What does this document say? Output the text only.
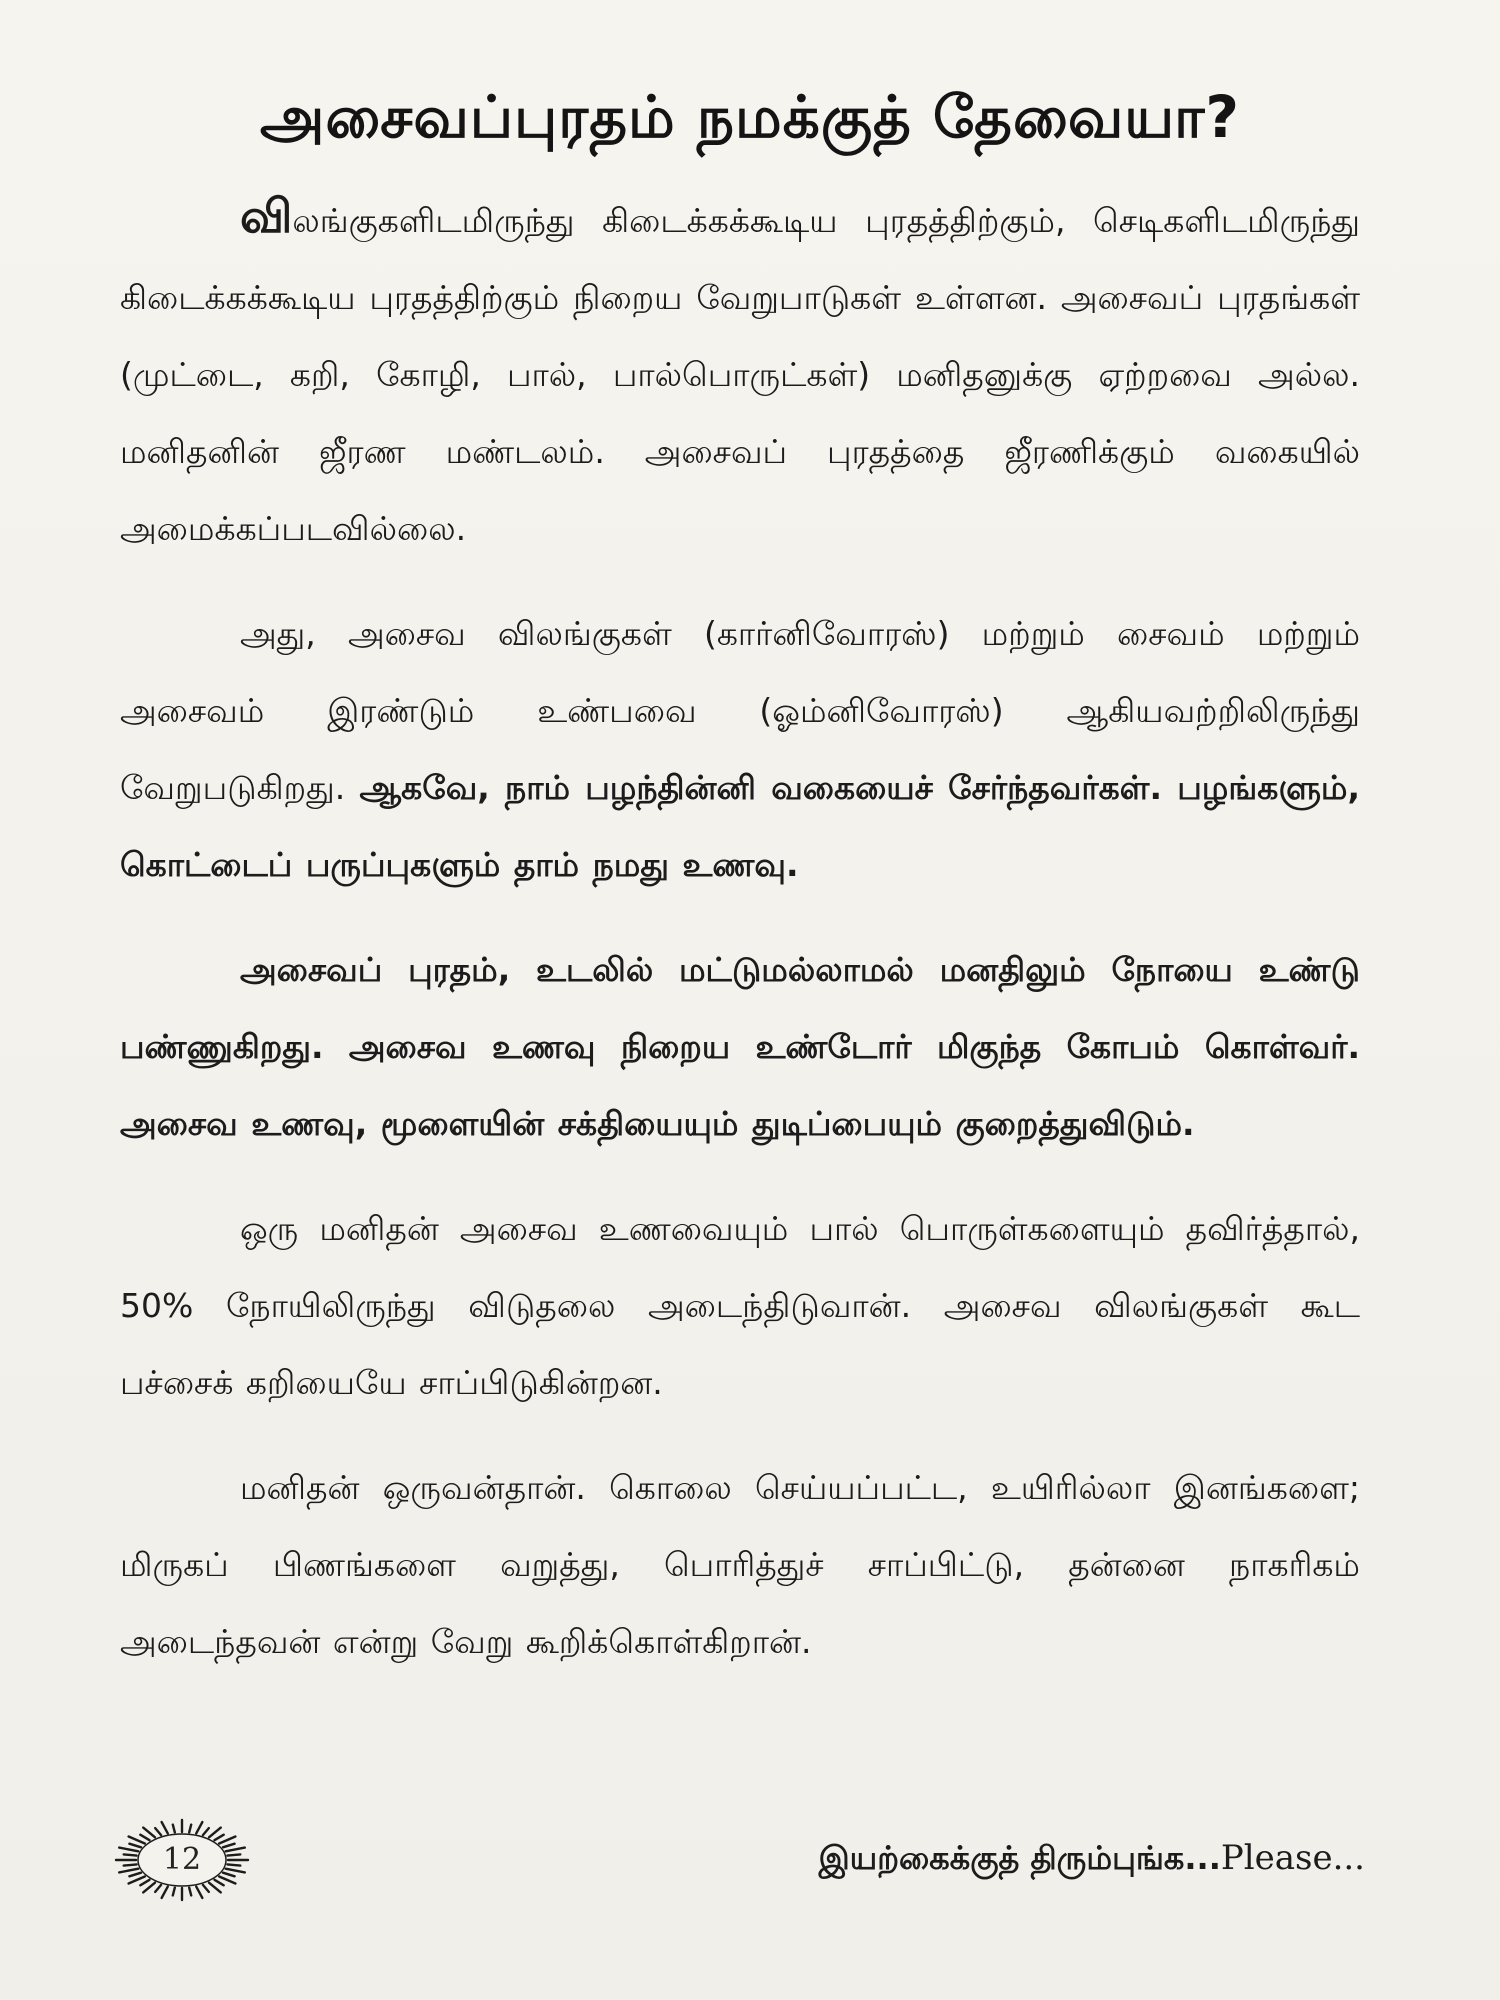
அசைவப்புரதம் நமக்குத் தேவையா?

விலங்குகளிடமிருந்து கிடைக்கக்கூடிய புரதத்திற்கும், செடிகளிடமிருந்து கிடைக்கக்கூடிய புரதத்திற்கும் நிறைய வேறுபாடுகள் உள்ளன. அசைவப் புரதங்கள் (முட்டை, கறி, கோழி, பால், பால்பொருட்கள்) மனிதனுக்கு ஏற்றவை அல்ல. மனிதனின் ஜீரண மண்டலம். அசைவப் புரதத்தை ஜீரணிக்கும் வகையில் அமைக்கப்படவில்லை.

அது, அசைவ விலங்குகள் (கார்னிவோரஸ்) மற்றும் சைவம் மற்றும் அசைவம் இரண்டும் உண்பவை (ஓம்னிவோரஸ்) ஆகியவற்றிலிருந்து வேறுபடுகிறது. ஆகவே, நாம் பழந்தின்னி வகையைச் சேர்ந்தவர்கள். பழங்களும், கொட்டைப் பருப்புகளும் தாம் நமது உணவு.

அசைவப் புரதம், உடலில் மட்டுமல்லாமல் மனதிலும் நோயை உண்டு பண்ணுகிறது. அசைவ உணவு நிறைய உண்டோர் மிகுந்த கோபம் கொள்வர். அசைவ உணவு, மூளையின் சக்தியையும் துடிப்பையும் குறைத்துவிடும்.

ஒரு மனிதன் அசைவ உணவையும் பால் பொருள்களையும் தவிர்த்தால், 50% நோயிலிருந்து விடுதலை அடைந்திடுவான். அசைவ விலங்குகள் கூட பச்சைக் கறியையே சாப்பிடுகின்றன.

மனிதன் ஒருவன்தான். கொலை செய்யப்பட்ட, உயிரில்லா இனங்களை; மிருகப் பிணங்களை வறுத்து, பொரித்துச் சாப்பிட்டு, தன்னை நாகரிகம் அடைந்தவன் என்று வேறு கூறிக்கொள்கிறான்.

12	இயற்கைக்குத் திரும்புங்க...Please...
